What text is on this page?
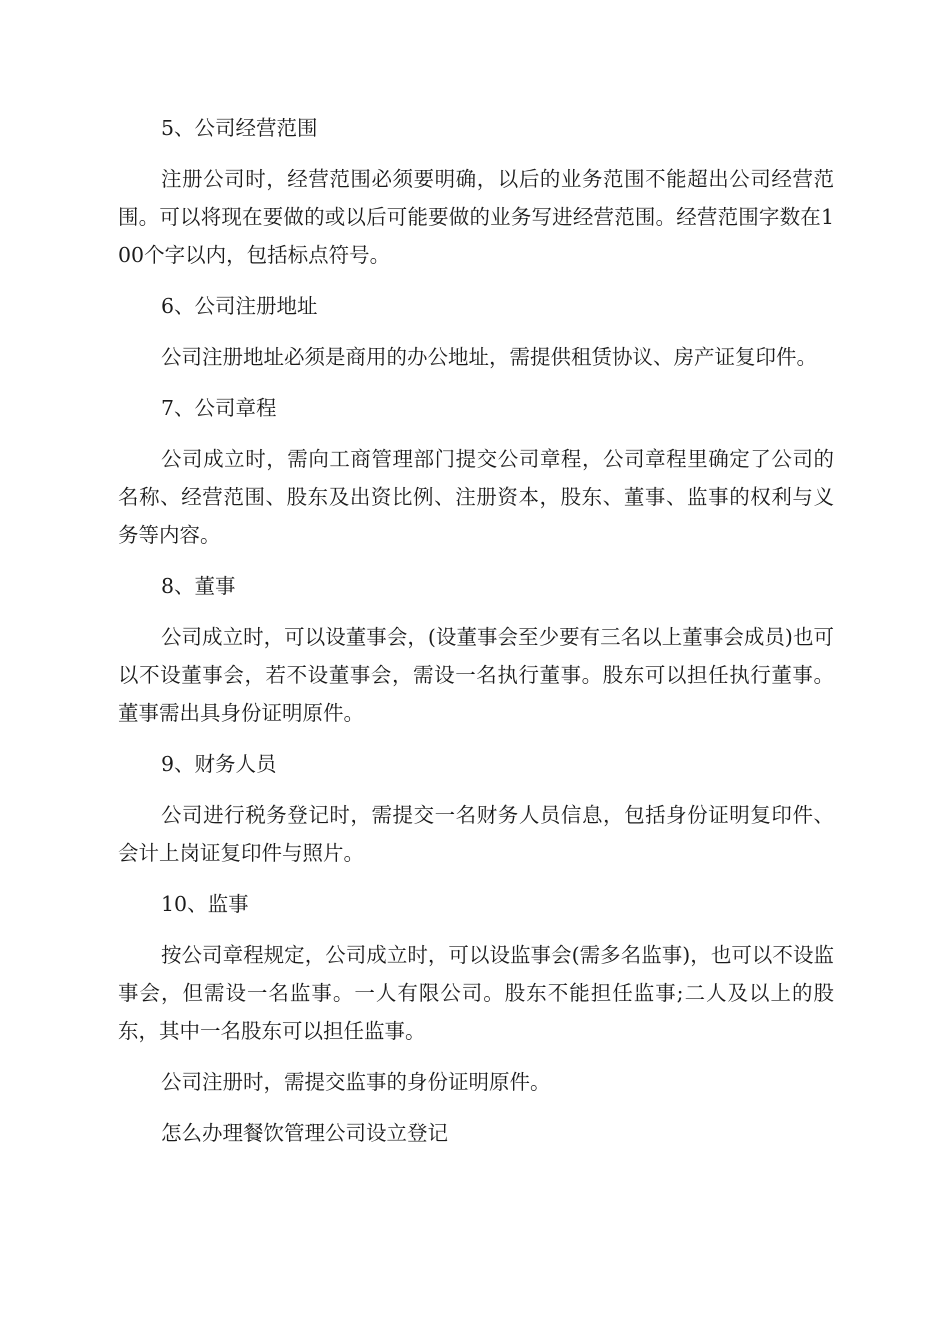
5、公司经营范围
注册公司时，经营范围必须要明确，以后的业务范围不能超出公司经营范围。可以将现在要做的或以后可能要做的业务写进经营范围。经营范围字数在100个字以内，包括标点符号。
6、公司注册地址
公司注册地址必须是商用的办公地址，需提供租赁协议、房产证复印件。
7、公司章程
公司成立时，需向工商管理部门提交公司章程，公司章程里确定了公司的名称、经营范围、股东及出资比例、注册资本，股东、董事、监事的权利与义务等内容。
8、董事
公司成立时，可以设董事会，(设董事会至少要有三名以上董事会成员)也可以不设董事会，若不设董事会，需设一名执行董事。股东可以担任执行董事。董事需出具身份证明原件。
9、财务人员
公司进行税务登记时，需提交一名财务人员信息，包括身份证明复印件、会计上岗证复印件与照片。
10、监事
按公司章程规定，公司成立时，可以设监事会(需多名监事)，也可以不设监事会，但需设一名监事。一人有限公司。股东不能担任监事;二人及以上的股东，其中一名股东可以担任监事。
公司注册时，需提交监事的身份证明原件。
怎么办理餐饮管理公司设立登记
